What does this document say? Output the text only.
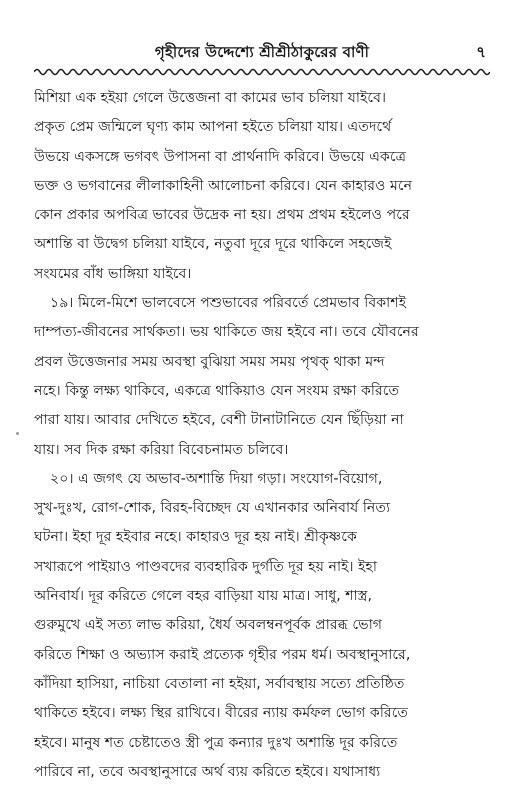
গৃহীদের উদ্দেশ্যে শ্রীশ্রীঠাকুরের বাণী	৭
মিশিয়া এক হইয়া গেলে উত্তেজনা বা কামের ভাব চলিয়া যাইবে।
প্রকৃত প্রেম জন্মিলে ঘৃণ্য কাম আপনা হইতে চলিয়া যায়। এতদর্থে
উভয়ে একসঙ্গে ভগবৎ উপাসনা বা প্রার্থনাদি করিবে। উভয়ে একত্রে
ভক্ত ও ভগবানের লীলাকাহিনী আলোচনা করিবে। যেন কাহারও মনে
কোন প্রকার অপবিত্র ভাবের উদ্রেক না হয়। প্রথম প্রথম হইলেও পরে
অশান্তি বা উদ্বেগ চলিয়া যাইবে, নতুবা দূরে দূরে থাকিলে সহজেই
সংযমের বাঁধ ভাঙ্গিয়া যাইবে।
১৯। মিলে-মিশে ভালবেসে পশুভাবের পরিবর্তে প্রেমভাব বিকাশই
দাম্পত্য-জীবনের সার্থকতা। ভয় থাকিতে জয় হইবে না। তবে যৌবনের
প্রবল উত্তেজনার সময় অবস্থা বুঝিয়া সময় সময় পৃথক্ থাকা মন্দ
নহে। কিন্তু লক্ষ্য থাকিবে, একত্রে থাকিয়াও যেন সংযম রক্ষা করিতে
পারা যায়। আবার দেখিতে হইবে, বেশী টানাটানিতে যেন ছিঁড়িয়া না
যায়। সব দিক রক্ষা করিয়া বিবেচনামত চলিবে।
২০। এ জগৎ যে অভাব-অশান্তি দিয়া গড়া। সংযোগ-বিয়োগ,
সুখ-দুঃখ, রোগ-শোক, বিরহ-বিচ্ছেদ যে এখানকার অনিবার্য নিত্য
ঘটনা। ইহা দূর হইবার নহে। কাহারও দূর হয় নাই। শ্রীকৃষ্ণকে
সখারূপে পাইয়াও পাণ্ডবদের ব্যবহারিক দুর্গতি দূর হয় নাই। ইহা
অনিবার্য। দূর করিতে গেলে বহর বাড়িয়া যায় মাত্র। সাধু, শাস্ত্র,
গুরুমুখে এই সত্য লাভ করিয়া, ধৈর্য অবলম্বনপূর্বক প্রারব্ধ ভোগ
করিতে শিক্ষা ও অভ্যাস করাই প্রত্যেক গৃহীর পরম ধর্ম। অবস্থানুসারে,
কাঁদিয়া হাসিয়া, নাচিয়া বেতালা না হইয়া, সর্বাবস্থায় সত্যে প্রতিষ্ঠিত
থাকিতে হইবে। লক্ষ্য স্থির রাখিবে। বীরের ন্যায় কর্মফল ভোগ করিতে
হইবে। মানুষ শত চেষ্টাতেও স্ত্রী পুত্র কন্যার দুঃখ অশান্তি দূর করিতে
পারিবে না, তবে অবস্থানুসারে অর্থ ব্যয় করিতে হইবে। যথাসাধ্য
